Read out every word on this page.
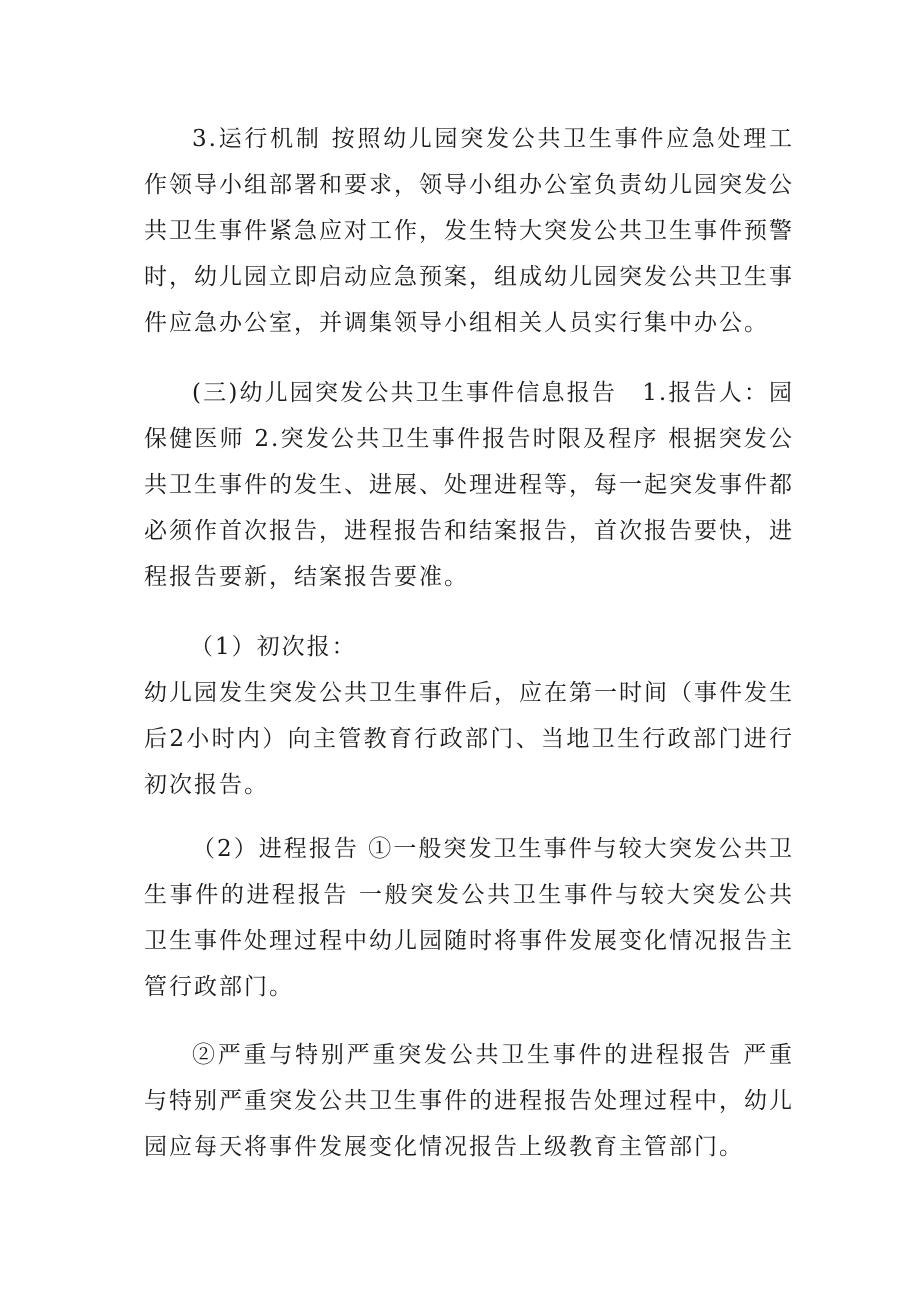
3.运行机制 按照幼儿园突发公共卫生事件应急处理工作领导小组部署和要求，领导小组办公室负责幼儿园突发公共卫生事件紧急应对工作，发生特大突发公共卫生事件预警时，幼儿园立即启动应急预案，组成幼儿园突发公共卫生事件应急办公室，并调集领导小组相关人员实行集中办公。

(三)幼儿园突发公共卫生事件信息报告　1.报告人：园保健医师 2.突发公共卫生事件报告时限及程序 根据突发公共卫生事件的发生、进展、处理进程等，每一起突发事件都必须作首次报告，进程报告和结案报告，首次报告要快，进程报告要新，结案报告要准。

（1）初次报：

幼儿园发生突发公共卫生事件后，应在第一时间（事件发生后2小时内）向主管教育行政部门、当地卫生行政部门进行初次报告。

（2）进程报告 ①一般突发卫生事件与较大突发公共卫生事件的进程报告 一般突发公共卫生事件与较大突发公共卫生事件处理过程中幼儿园随时将事件发展变化情况报告主管行政部门。

②严重与特别严重突发公共卫生事件的进程报告 严重与特别严重突发公共卫生事件的进程报告处理过程中，幼儿园应每天将事件发展变化情况报告上级教育主管部门。
